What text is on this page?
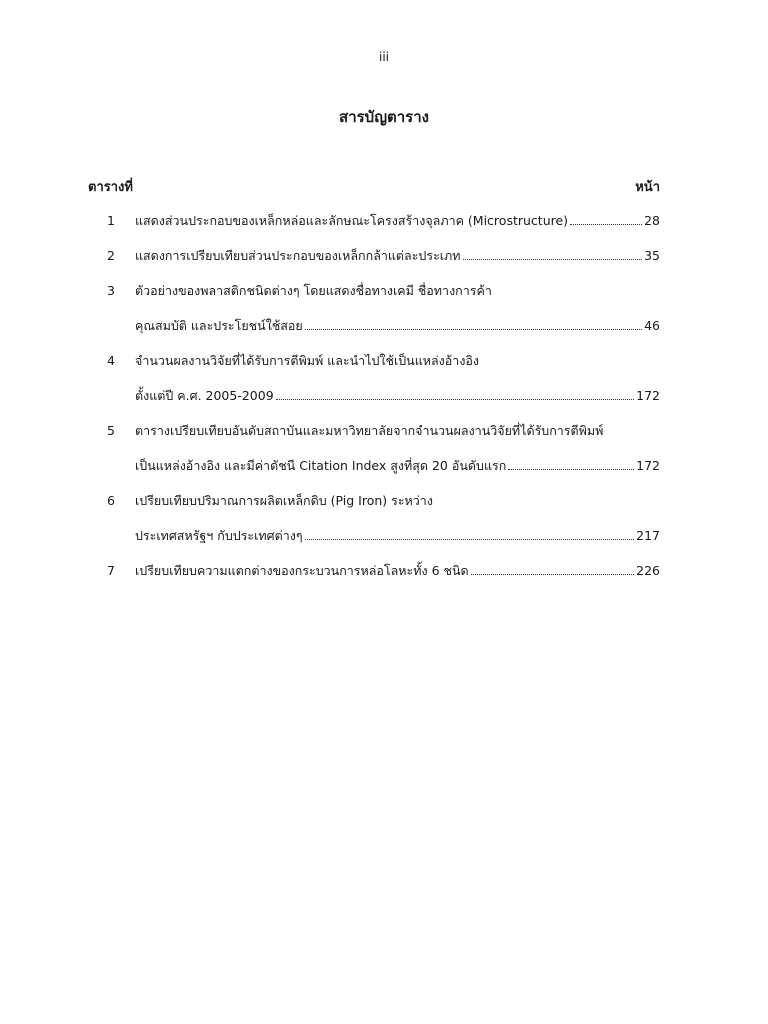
iii
สารบัญตาราง
ตารางที่	หน้า
1 แสดงส่วนประกอบของเหล็กหล่อและลักษณะโครงสร้างจุลภาค (Microstructure)	28
2 แสดงการเปรียบเทียบส่วนประกอบของเหล็กกล้าแต่ละประเภท	35
3 ตัวอย่างของพลาสติกชนิดต่างๆ โดยแสดงชื่อทางเคมี ชื่อทางการค้า
คุณสมบัติ และประโยชน์ใช้สอย	46
4 จำนวนผลงานวิจัยที่ได้รับการตีพิมพ์ และนำไปใช้เป็นแหล่งอ้างอิง
ตั้งแต่ปี ค.ศ. 2005-2009	172
5 ตารางเปรียบเทียบอันดับสถาบันและมหาวิทยาลัยจากจำนวนผลงานวิจัยที่ได้รับการตีพิมพ์
เป็นแหล่งอ้างอิง และมีค่าดัชนี Citation Index สูงที่สุด 20 อันดับแรก	172
6 เปรียบเทียบปริมาณการผลิตเหล็กดิบ (Pig Iron) ระหว่าง
ประเทศสหรัฐฯ กับประเทศต่างๆ	217
7 เปรียบเทียบความแตกต่างของกระบวนการหล่อโลหะทั้ง 6 ชนิด	226
